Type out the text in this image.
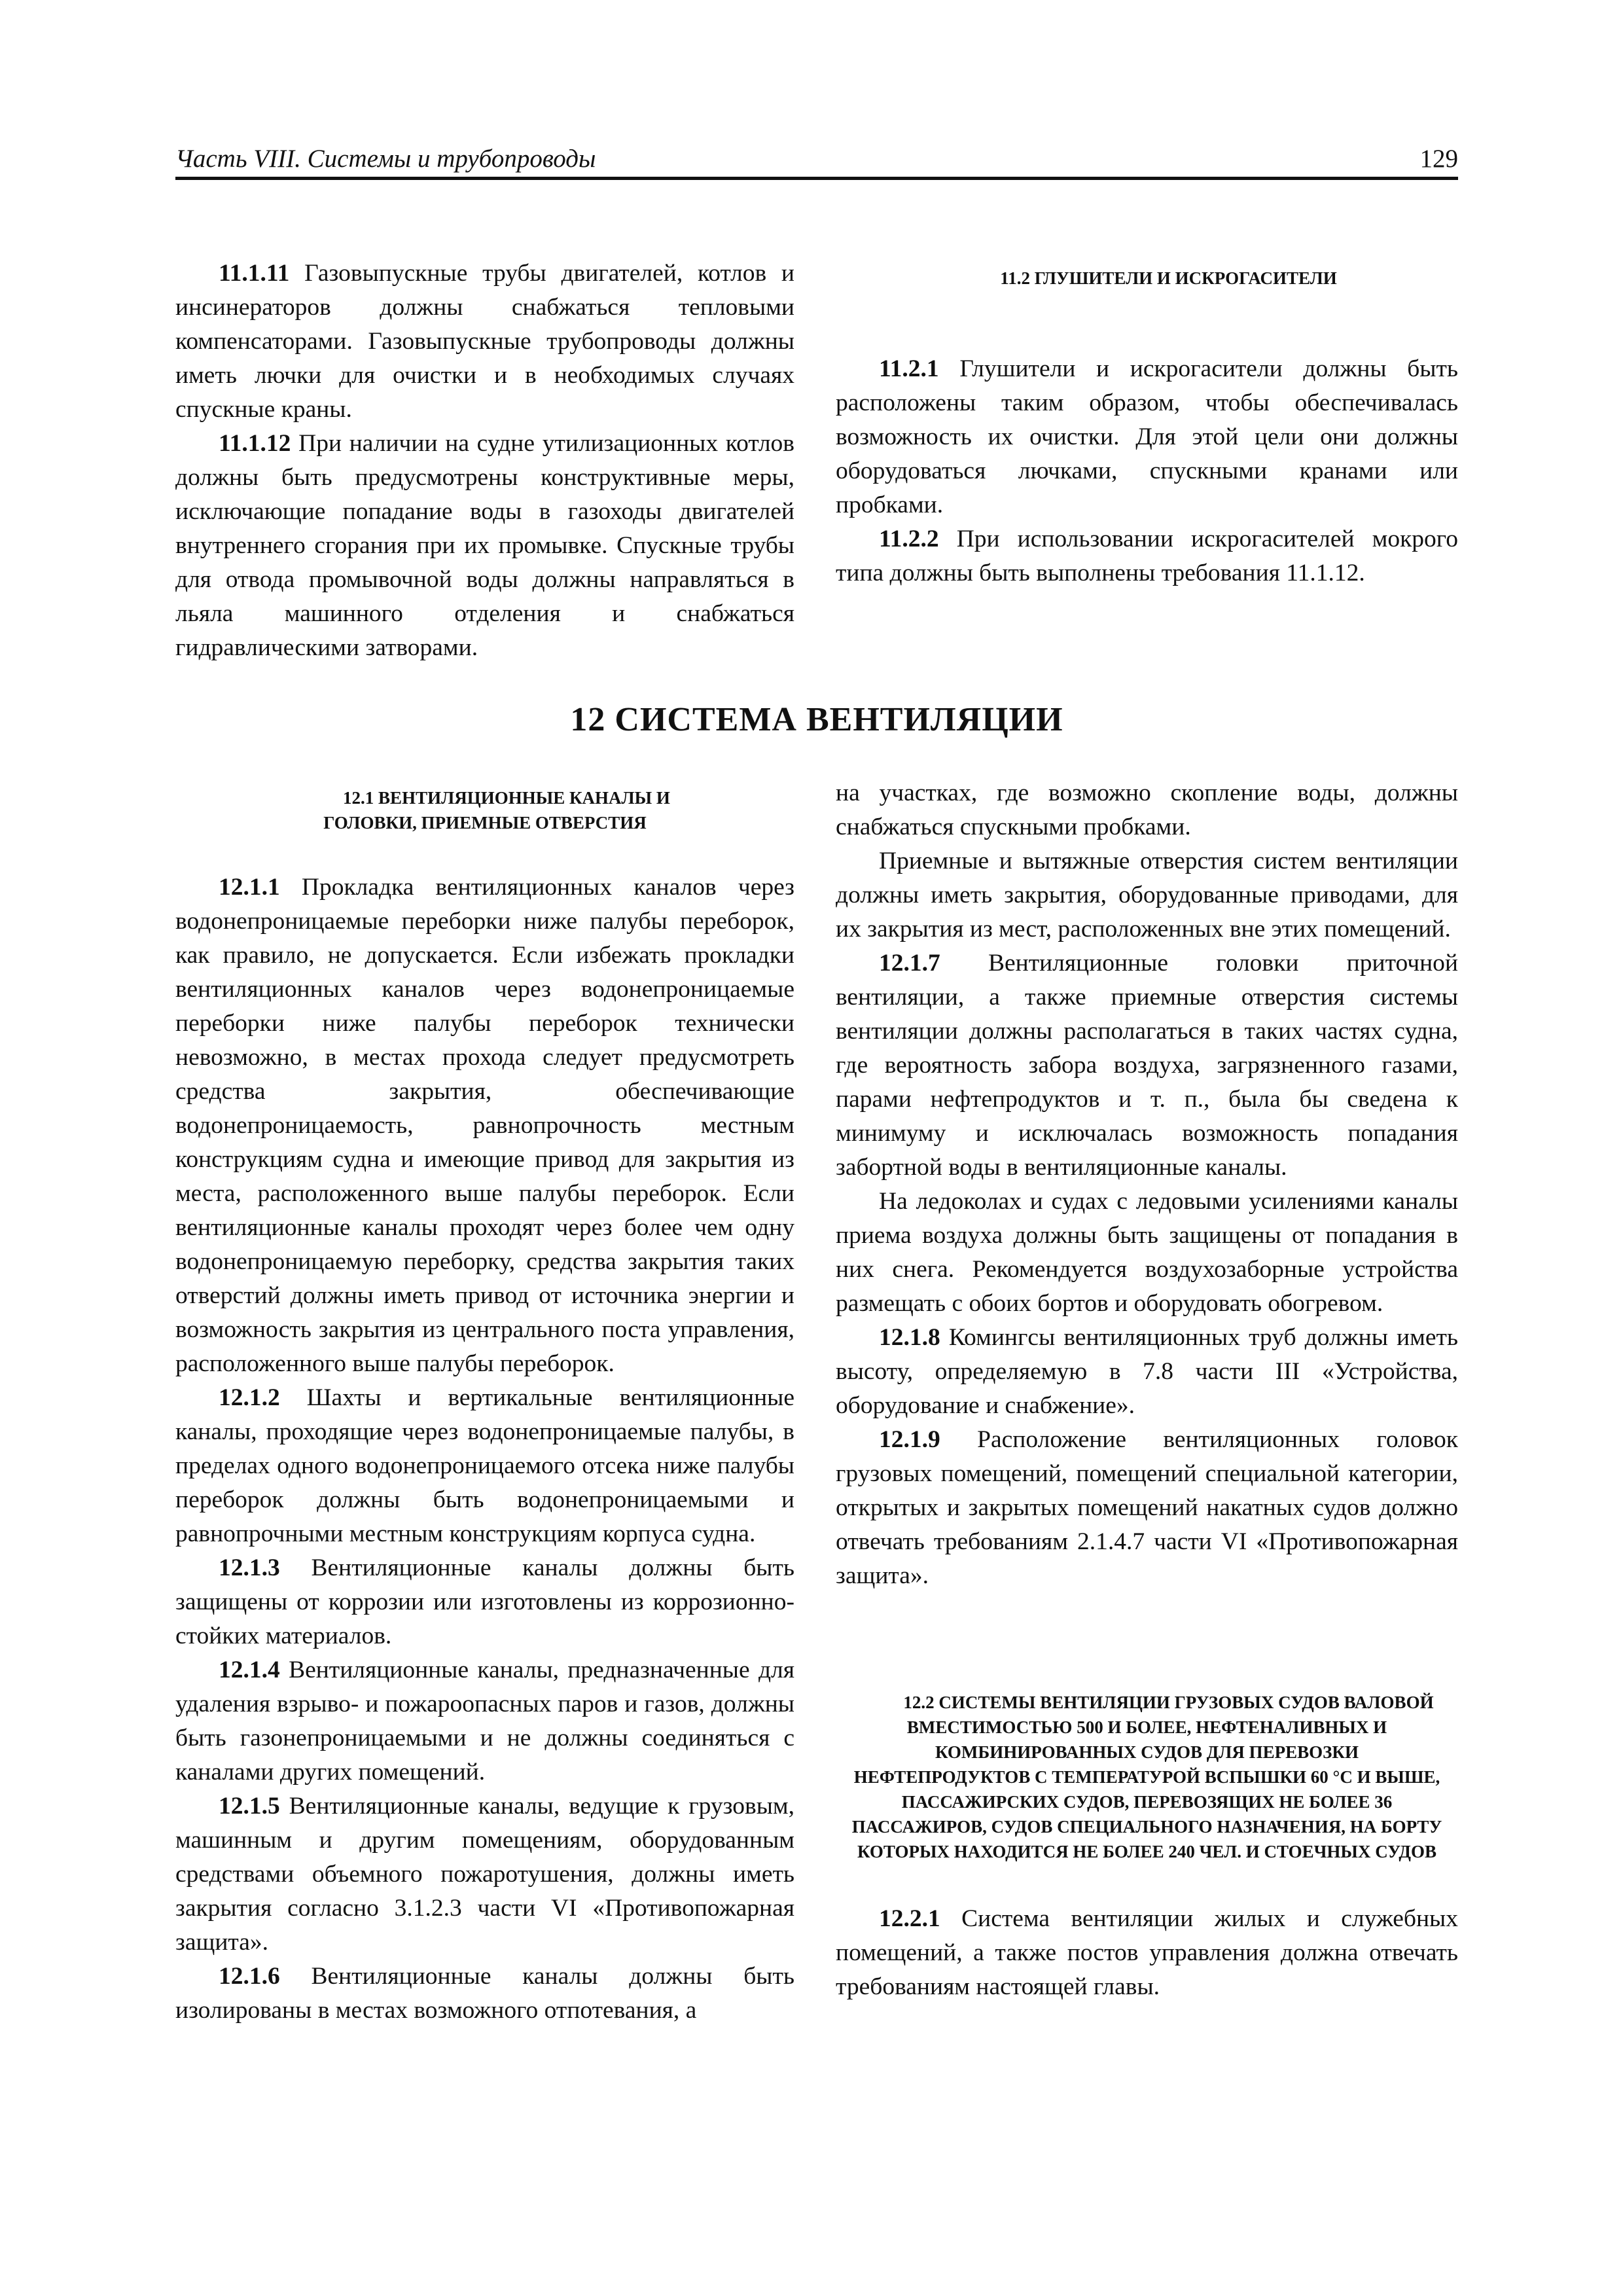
Часть VIII. Системы и трубопроводы	129

11.1.11 Газовыпускные трубы двигателей, котлов и инсинераторов должны снабжаться тепловыми компенсаторами. Газовыпускные трубопроводы должны иметь лючки для очистки и в необходимых случаях спускные краны.

11.1.12 При наличии на судне утилизационных котлов должны быть предусмотрены конструктивные меры, исключающие попадание воды в газоходы двигателей внутреннего сгорания при их промывке. Спускные трубы для отвода промывочной воды должны направляться в льяла машинного отделения и снабжаться гидравлическими затворами.

11.2 ГЛУШИТЕЛИ И ИСКРОГАСИТЕЛИ

11.2.1 Глушители и искрогасители должны быть расположены таким образом, чтобы обеспечивалась возможность их очистки. Для этой цели они должны оборудоваться лючками, спускными кранами или пробками.

11.2.2 При использовании искрогасителей мокрого типа должны быть выполнены требования 11.1.12.

12 СИСТЕМА ВЕНТИЛЯЦИИ

12.1 ВЕНТИЛЯЦИОННЫЕ КАНАЛЫ И ГОЛОВКИ, ПРИЕМНЫЕ ОТВЕРСТИЯ

12.1.1 Прокладка вентиляционных каналов через водонепроницаемые переборки ниже палубы переборок, как правило, не допускается. Если избежать прокладки вентиляционных каналов через водонепроницаемые переборки ниже палубы переборок технически невозможно, в местах прохода следует предусмотреть средства закрытия, обеспечивающие водонепроницаемость, равнопрочность местным конструкциям судна и имеющие привод для закрытия из места, расположенного выше палубы переборок. Если вентиляционные каналы проходят через более чем одну водонепроницаемую переборку, средства закрытия таких отверстий должны иметь привод от источника энергии и возможность закрытия из центрального поста управления, расположенного выше палубы переборок.

12.1.2 Шахты и вертикальные вентиляционные каналы, проходящие через водонепроницаемые палубы, в пределах одного водонепроницаемого отсека ниже палубы переборок должны быть водонепроницаемыми и равнопрочными местным конструкциям корпуса судна.

12.1.3 Вентиляционные каналы должны быть защищены от коррозии или изготовлены из коррозионно-стойких материалов.

12.1.4 Вентиляционные каналы, предназначенные для удаления взрыво- и пожароопасных паров и газов, должны быть газонепроницаемыми и не должны соединяться с каналами других помещений.

12.1.5 Вентиляционные каналы, ведущие к грузовым, машинным и другим помещениям, оборудованным средствами объемного пожаротушения, должны иметь закрытия согласно 3.1.2.3 части VI «Противопожарная защита».

12.1.6 Вентиляционные каналы должны быть изолированы в местах возможного отпотевания, а

на участках, где возможно скопление воды, должны снабжаться спускными пробками.

Приемные и вытяжные отверстия систем вентиляции должны иметь закрытия, оборудованные приводами, для их закрытия из мест, расположенных вне этих помещений.

12.1.7 Вентиляционные головки приточной вентиляции, а также приемные отверстия системы вентиляции должны располагаться в таких частях судна, где вероятность забора воздуха, загрязненного газами, парами нефтепродуктов и т. п., была бы сведена к минимуму и исключалась возможность попадания забортной воды в вентиляционные каналы.

На ледоколах и судах с ледовыми усилениями каналы приема воздуха должны быть защищены от попадания в них снега. Рекомендуется воздухозаборные устройства размещать с обоих бортов и оборудовать обогревом.

12.1.8 Комингсы вентиляционных труб должны иметь высоту, определяемую в 7.8 части III «Устройства, оборудование и снабжение».

12.1.9 Расположение вентиляционных головок грузовых помещений, помещений специальной категории, открытых и закрытых помещений накатных судов должно отвечать требованиям 2.1.4.7 части VI «Противопожарная защита».

12.2 СИСТЕМЫ ВЕНТИЛЯЦИИ ГРУЗОВЫХ СУДОВ ВАЛОВОЙ ВМЕСТИМОСТЬЮ 500 И БОЛЕЕ, НЕФТЕНАЛИВНЫХ И КОМБИНИРОВАННЫХ СУДОВ ДЛЯ ПЕРЕВОЗКИ НЕФТЕПРОДУКТОВ С ТЕМПЕРАТУРОЙ ВСПЫШКИ 60 °С И ВЫШЕ, ПАССАЖИРСКИХ СУДОВ, ПЕРЕВОЗЯЩИХ НЕ БОЛЕЕ 36 ПАССАЖИРОВ, СУДОВ СПЕЦИАЛЬНОГО НАЗНАЧЕНИЯ, НА БОРТУ КОТОРЫХ НАХОДИТСЯ НЕ БОЛЕЕ 240 ЧЕЛ. И СТОЕЧНЫХ СУДОВ

12.2.1 Система вентиляции жилых и служебных помещений, а также постов управления должна отвечать требованиям настоящей главы.
